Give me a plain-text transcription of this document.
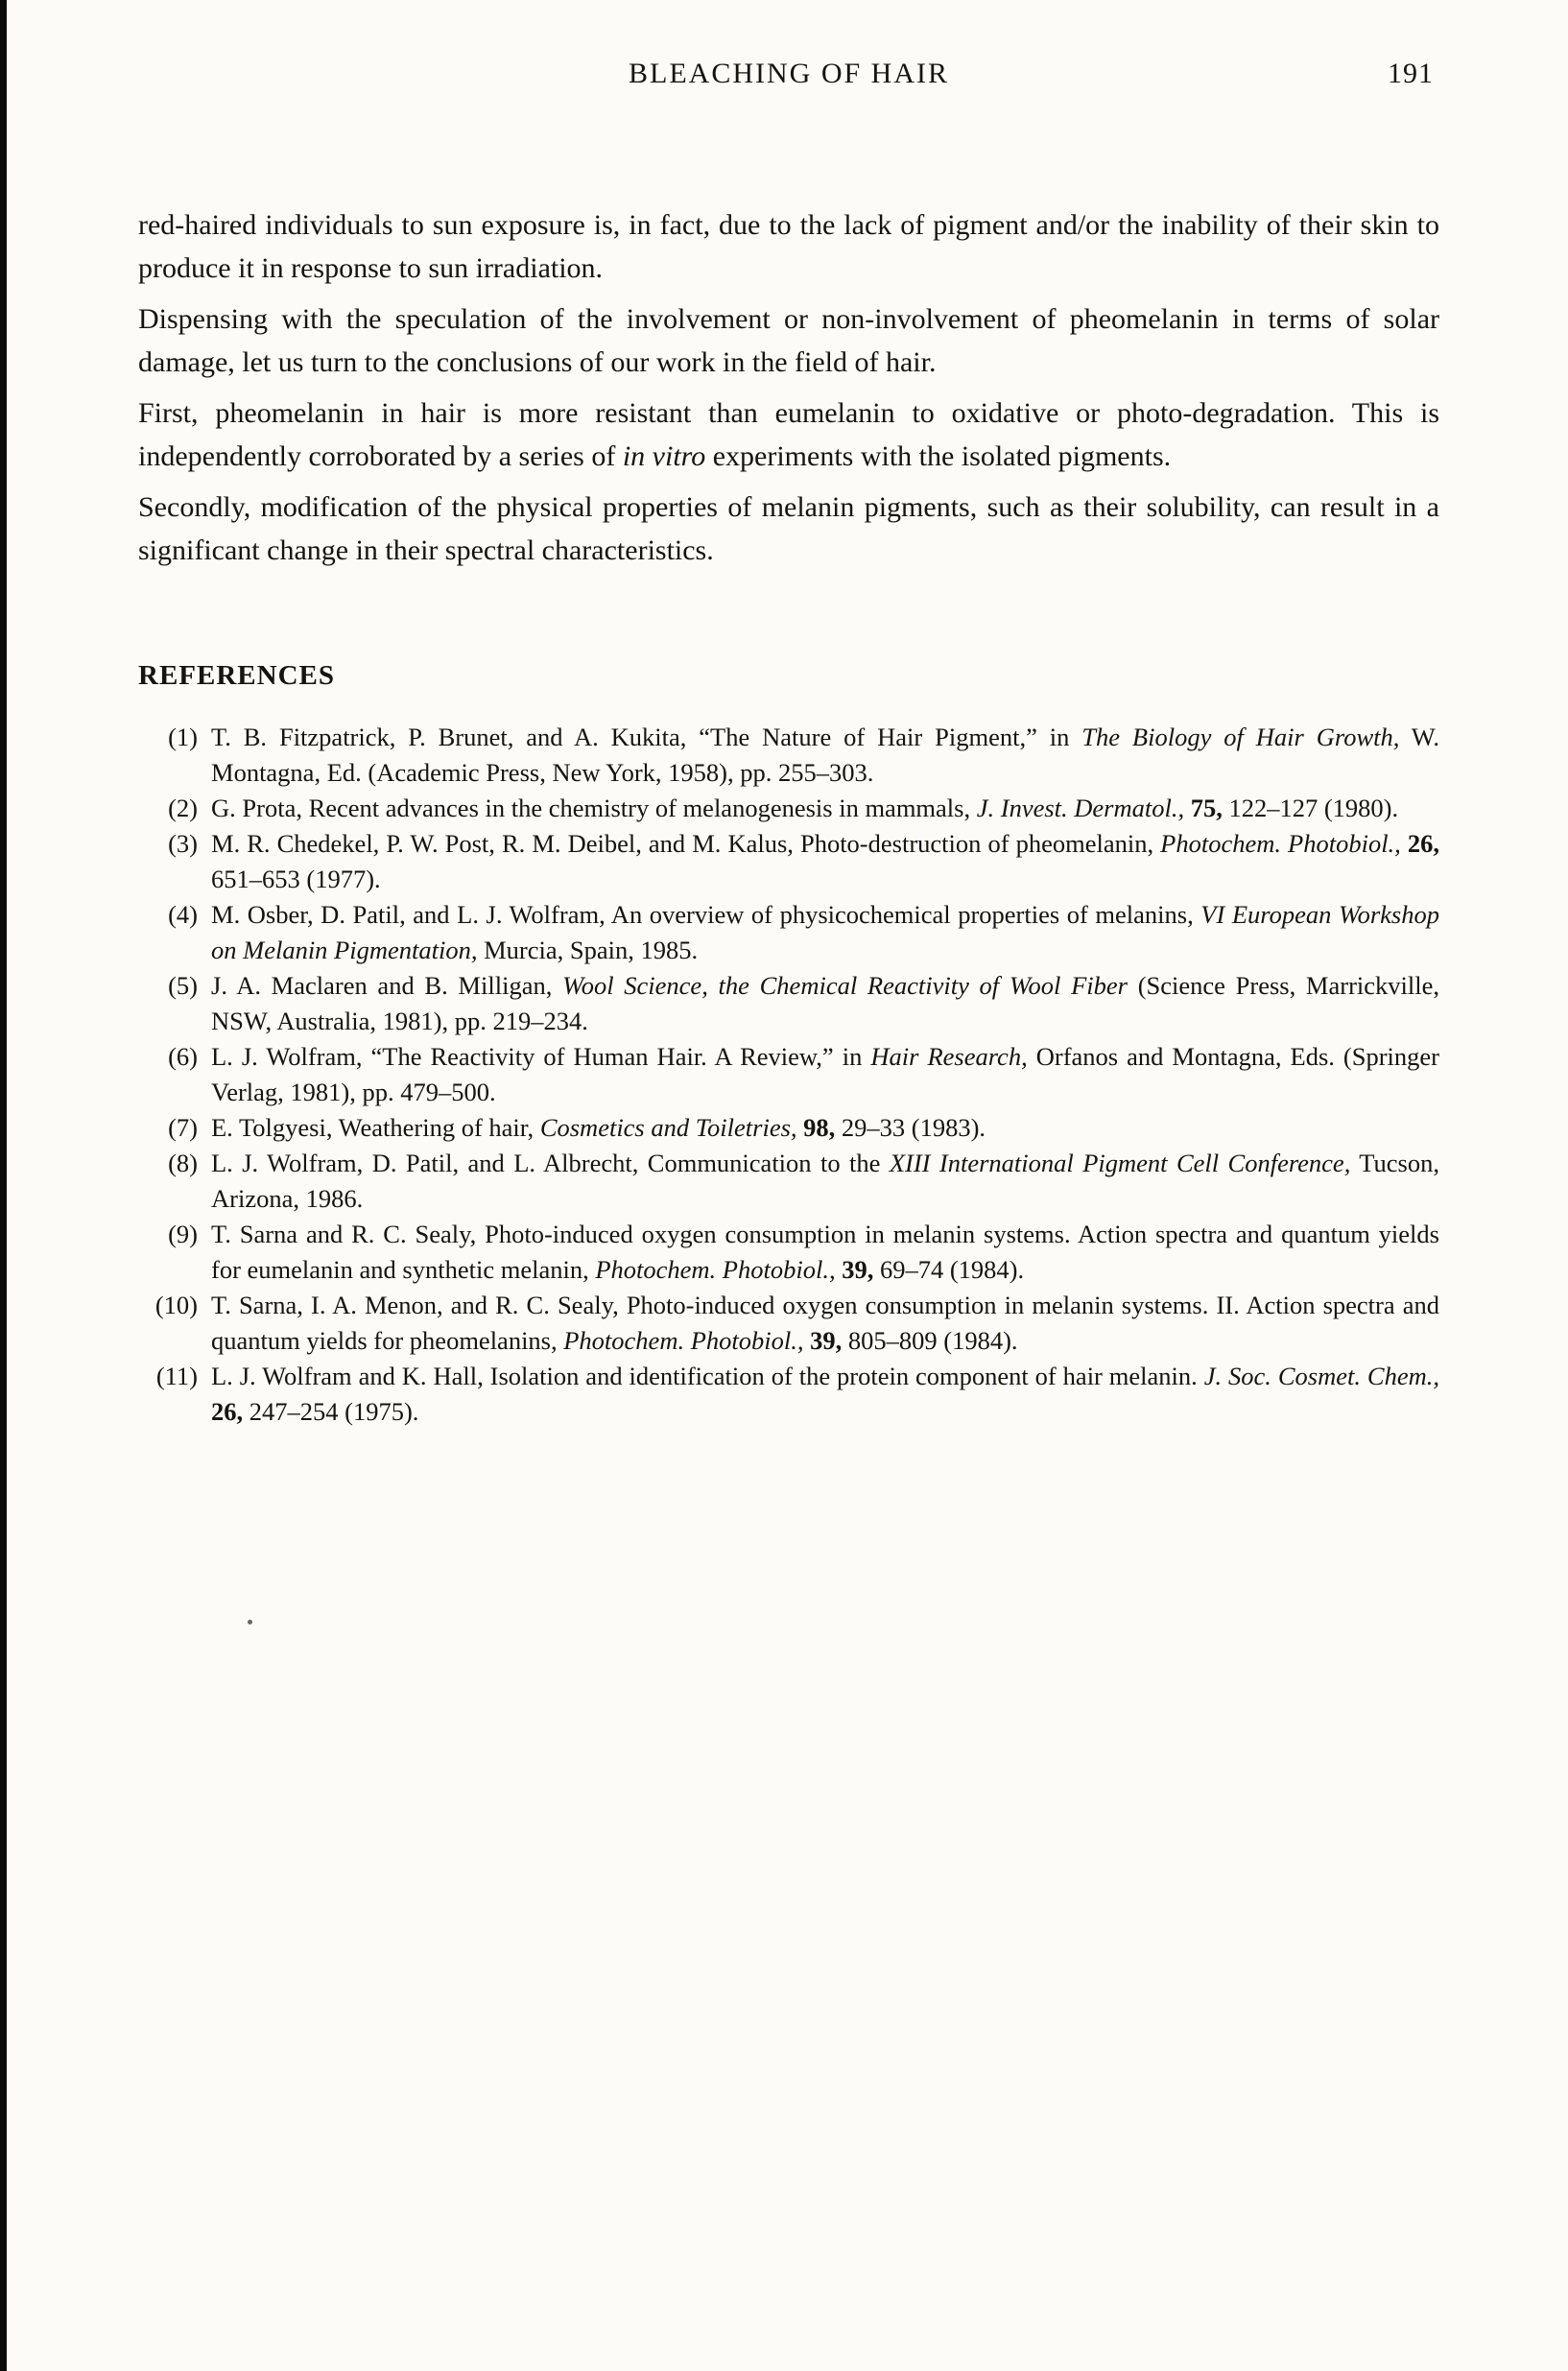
BLEACHING OF HAIR	191

red-haired individuals to sun exposure is, in fact, due to the lack of pigment and/or the inability of their skin to produce it in response to sun irradiation.

Dispensing with the speculation of the involvement or non-involvement of pheomelanin in terms of solar damage, let us turn to the conclusions of our work in the field of hair.

First, pheomelanin in hair is more resistant than eumelanin to oxidative or photo-degradation. This is independently corroborated by a series of in vitro experiments with the isolated pigments.

Secondly, modification of the physical properties of melanin pigments, such as their solubility, can result in a significant change in their spectral characteristics.

REFERENCES
(1) T. B. Fitzpatrick, P. Brunet, and A. Kukita, “The Nature of Hair Pigment,” in The Biology of Hair Growth, W. Montagna, Ed. (Academic Press, New York, 1958), pp. 255–303.
(2) G. Prota, Recent advances in the chemistry of melanogenesis in mammals, J. Invest. Dermatol., 75, 122–127 (1980).
(3) M. R. Chedekel, P. W. Post, R. M. Deibel, and M. Kalus, Photo-destruction of pheomelanin, Photochem. Photobiol., 26, 651–653 (1977).
(4) M. Osber, D. Patil, and L. J. Wolfram, An overview of physicochemical properties of melanins, VI European Workshop on Melanin Pigmentation, Murcia, Spain, 1985.
(5) J. A. Maclaren and B. Milligan, Wool Science, the Chemical Reactivity of Wool Fiber (Science Press, Marrickville, NSW, Australia, 1981), pp. 219–234.
(6) L. J. Wolfram, “The Reactivity of Human Hair. A Review,” in Hair Research, Orfanos and Montagna, Eds. (Springer Verlag, 1981), pp. 479–500.
(7) E. Tolgyesi, Weathering of hair, Cosmetics and Toiletries, 98, 29–33 (1983).
(8) L. J. Wolfram, D. Patil, and L. Albrecht, Communication to the XIII International Pigment Cell Conference, Tucson, Arizona, 1986.
(9) T. Sarna and R. C. Sealy, Photo-induced oxygen consumption in melanin systems. Action spectra and quantum yields for eumelanin and synthetic melanin, Photochem. Photobiol., 39, 69–74 (1984).
(10) T. Sarna, I. A. Menon, and R. C. Sealy, Photo-induced oxygen consumption in melanin systems. II. Action spectra and quantum yields for pheomelanins, Photochem. Photobiol., 39, 805–809 (1984).
(11) L. J. Wolfram and K. Hall, Isolation and identification of the protein component of hair melanin. J. Soc. Cosmet. Chem., 26, 247–254 (1975).
